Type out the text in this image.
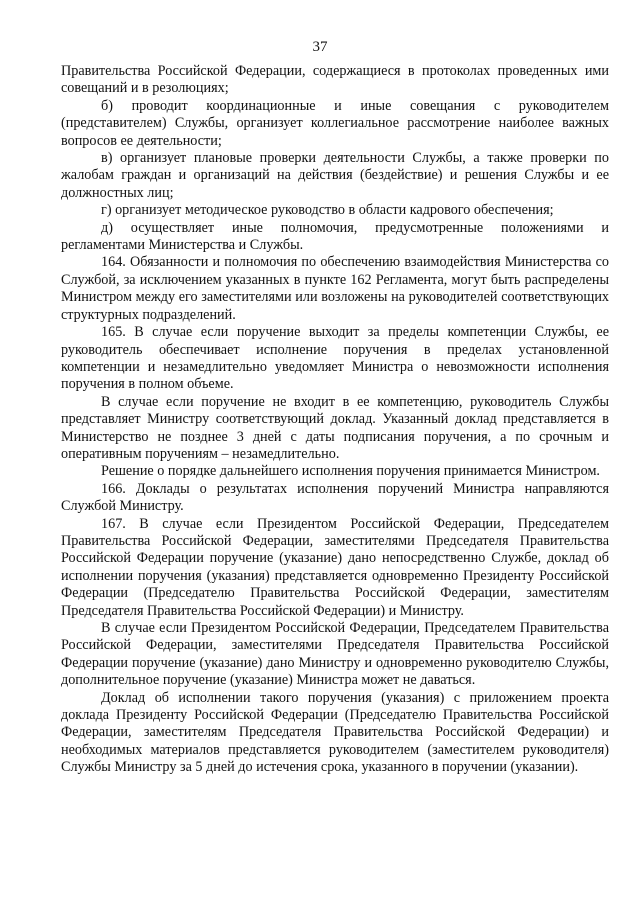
37

Правительства Российской Федерации, содержащиеся в протоколах проведенных ими совещаний и в резолюциях;

б) проводит координационные и иные совещания с руководителем (представителем) Службы, организует коллегиальное рассмотрение наиболее важных вопросов ее деятельности;

в) организует плановые проверки деятельности Службы, а также проверки по жалобам граждан и организаций на действия (бездействие) и решения Службы и ее должностных лиц;

г) организует методическое руководство в области кадрового обеспечения;

д) осуществляет иные полномочия, предусмотренные положениями и регламентами Министерства и Службы.

164. Обязанности и полномочия по обеспечению взаимодействия Министерства со Службой, за исключением указанных в пункте 162 Регламента, могут быть распределены Министром между его заместителями или возложены на руководителей соответствующих структурных подразделений.

165. В случае если поручение выходит за пределы компетенции Службы, ее руководитель обеспечивает исполнение поручения в пределах установленной компетенции и незамедлительно уведомляет Министра о невозможности исполнения поручения в полном объеме.

В случае если поручение не входит в ее компетенцию, руководитель Службы представляет Министру соответствующий доклад. Указанный доклад представляется в Министерство не позднее 3 дней с даты подписания поручения, а по срочным и оперативным поручениям – незамедлительно.

Решение о порядке дальнейшего исполнения поручения принимается Министром.

166. Доклады о результатах исполнения поручений Министра направляются Службой Министру.

167. В случае если Президентом Российской Федерации, Председателем Правительства Российской Федерации, заместителями Председателя Правительства Российской Федерации поручение (указание) дано непосредственно Службе, доклад об исполнении поручения (указания) представляется одновременно Президенту Российской Федерации (Председателю Правительства Российской Федерации, заместителям Председателя Правительства Российской Федерации) и Министру.

В случае если Президентом Российской Федерации, Председателем Правительства Российской Федерации, заместителями Председателя Правительства Российской Федерации поручение (указание) дано Министру и одновременно руководителю Службы, дополнительное поручение (указание) Министра может не даваться.

Доклад об исполнении такого поручения (указания) с приложением проекта доклада Президенту Российской Федерации (Председателю Правительства Российской Федерации, заместителям Председателя Правительства Российской Федерации) и необходимых материалов представляется руководителем (заместителем руководителя) Службы Министру за 5 дней до истечения срока, указанного в поручении (указании).
